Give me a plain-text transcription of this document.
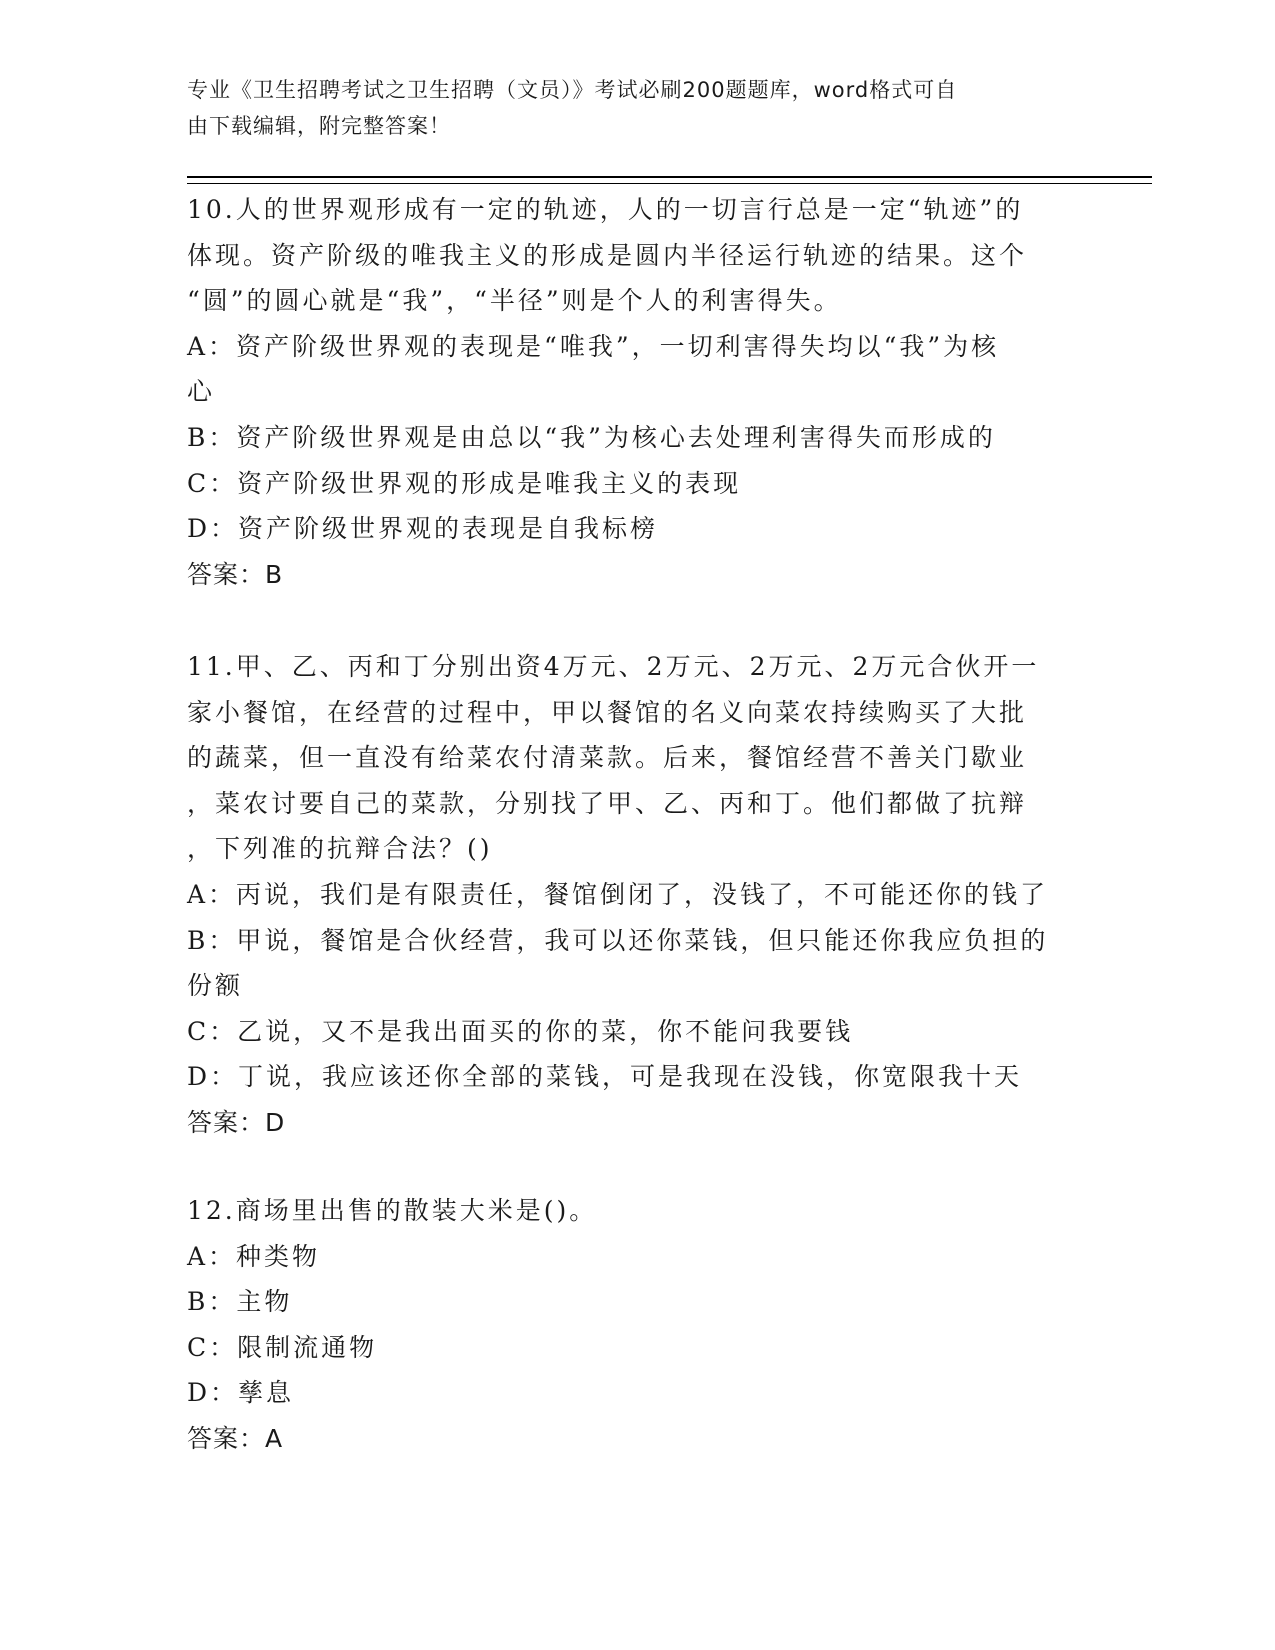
专业《卫生招聘考试之卫生招聘（文员）》考试必刷200题题库，word格式可自
由下载编辑，附完整答案！
10.人的世界观形成有一定的轨迹，人的一切言行总是一定“轨迹”的
体现。资产阶级的唯我主义的形成是圆内半径运行轨迹的结果。这个
“圆”的圆心就是“我”，“半径”则是个人的利害得失。
A：资产阶级世界观的表现是“唯我”，一切利害得失均以“我”为核
心
B：资产阶级世界观是由总以“我”为核心去处理利害得失而形成的
C：资产阶级世界观的形成是唯我主义的表现
D：资产阶级世界观的表现是自我标榜
答案：B
11.甲、乙、丙和丁分别出资4万元、2万元、2万元、2万元合伙开一
家小餐馆，在经营的过程中，甲以餐馆的名义向菜农持续购买了大批
的蔬菜，但一直没有给菜农付清菜款。后来，餐馆经营不善关门歇业
，菜农讨要自己的菜款，分别找了甲、乙、丙和丁。他们都做了抗辩
，下列准的抗辩合法？()
A：丙说，我们是有限责任，餐馆倒闭了，没钱了，不可能还你的钱了
B：甲说，餐馆是合伙经营，我可以还你菜钱，但只能还你我应负担的
份额
C：乙说，又不是我出面买的你的菜，你不能问我要钱
D：丁说，我应该还你全部的菜钱，可是我现在没钱，你宽限我十天
答案：D
12.商场里出售的散装大米是()。
A：种类物
B：主物
C：限制流通物
D：孳息
答案：A
